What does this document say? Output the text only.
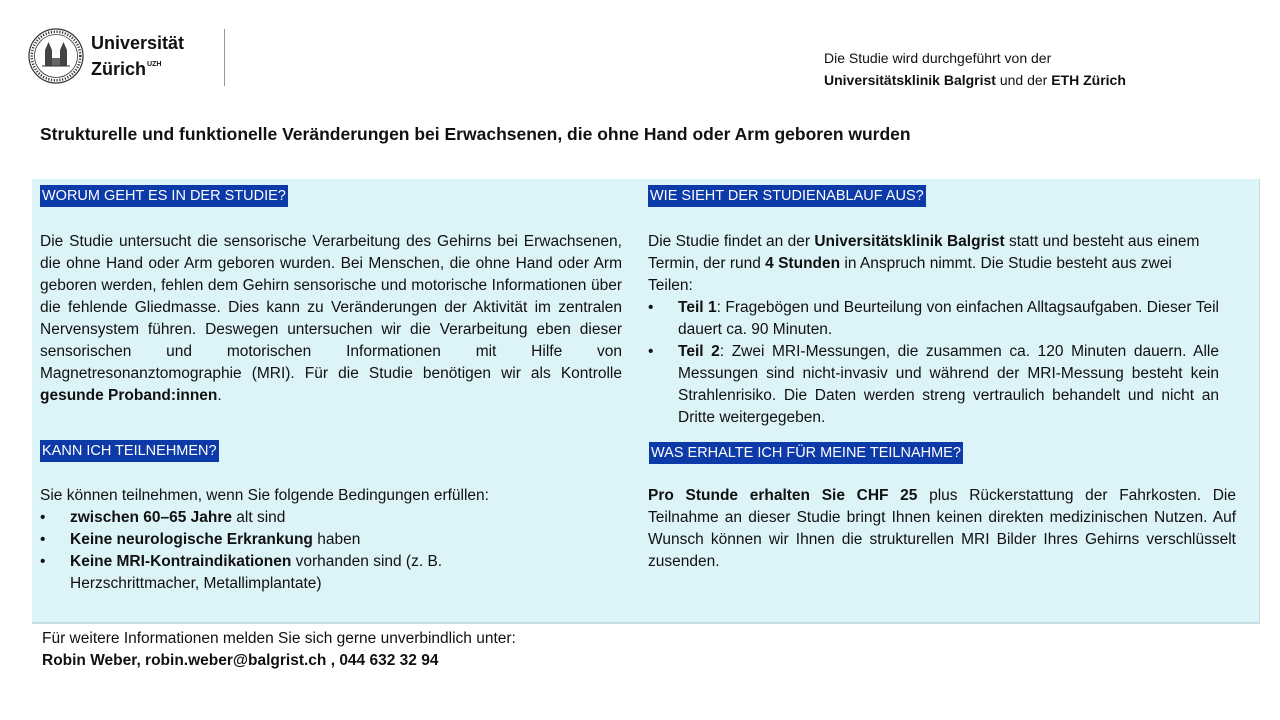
Universität
Zürich$^{UZH}$	Die Studie wird durchgeführt von der
Universitätsklinik Balgrist und der ETH Zürich
Strukturelle und funktionelle Veränderungen bei Erwachsenen, die ohne Hand oder Arm geboren wurden
WORUM GEHT ES IN DER STUDIE?
Die Studie untersucht die sensorische Verarbeitung des Gehirns bei Erwachsenen, die ohne Hand oder Arm geboren wurden. Bei Menschen, die ohne Hand oder Arm geboren werden, fehlen dem Gehirn sensorische und motorische Informationen über die fehlende Gliedmasse. Dies kann zu Veränderungen der Aktivität im zentralen Nervensystem führen. Deswegen untersuchen wir die Verarbeitung eben dieser sensorischen und motorischen Informationen mit Hilfe von Magnetresonanztomographie (MRI). Für die Studie benötigen wir als Kontrolle gesunde Proband:innen.
KANN ICH TEILNEHMEN?
Sie können teilnehmen, wenn Sie folgende Bedingungen erfüllen:
• zwischen 60–65 Jahre alt sind
• Keine neurologische Erkrankung haben
• Keine MRI-Kontraindikationen vorhanden sind (z. B. Herzschrittmacher, Metallimplantate)
WIE SIEHT DER STUDIENABLAUF AUS?
Die Studie findet an der Universitätsklinik Balgrist statt und besteht aus einem Termin, der rund 4 Stunden in Anspruch nimmt. Die Studie besteht aus zwei Teilen:
• Teil 1: Fragebögen und Beurteilung von einfachen Alltagsaufgaben. Dieser Teil dauert ca. 90 Minuten.
• Teil 2: Zwei MRI-Messungen, die zusammen ca. 120 Minuten dauern. Alle Messungen sind nicht-invasiv und während der MRI-Messung besteht kein Strahlenrisiko. Die Daten werden streng vertraulich behandelt und nicht an Dritte weitergegeben.
WAS ERHALTE ICH FÜR MEINE TEILNAHME?
Pro Stunde erhalten Sie CHF 25 plus Rückerstattung der Fahrkosten. Die Teilnahme an dieser Studie bringt Ihnen keinen direkten medizinischen Nutzen. Auf Wunsch können wir Ihnen die strukturellen MRI Bilder Ihres Gehirns verschlüsselt zusenden.
Für weitere Informationen melden Sie sich gerne unverbindlich unter:
Robin Weber, robin.weber@balgrist.ch , 044 632 32 94
